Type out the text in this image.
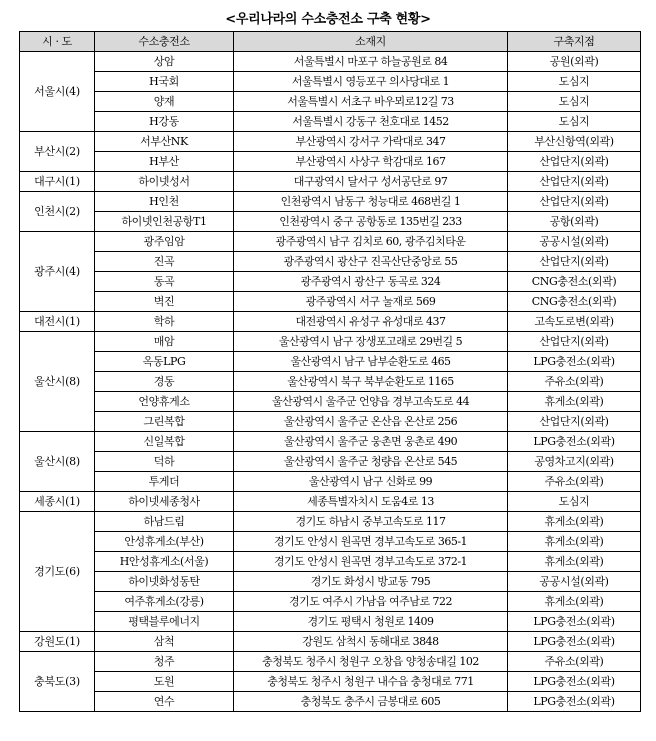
<우리나라의 수소충전소 구축 현황>
시 · 도	수소충전소	소재지	구축지점
서울시(4)	상암	서울특별시 마포구 하늘공원로 84	공원(외곽)
	H국회	서울특별시 영등포구 의사당대로 1	도심지
	양재	서울특별시 서초구 바우뫼로12길 73	도심지
	H강동	서울특별시 강동구 천호대로 1452	도심지
부산시(2)	서부산NK	부산광역시 강서구 가락대로 347	부산신항역(외곽)
	H부산	부산광역시 사상구 학감대로 167	산업단지(외곽)
대구시(1)	하이넷성서	대구광역시 달서구 성서공단로 97	산업단지(외곽)
인천시(2)	H인천	인천광역시 남동구 청능대로 468번길 1	산업단지(외곽)
	하이넷인천공항T1	인천광역시 중구 공항동로 135번길 233	공항(외곽)
광주시(4)	광주임암	광주광역시 남구 김치로 60, 광주김치타운	공공시설(외곽)
	진곡	광주광역시 광산구 진곡산단중앙로 55	산업단지(외곽)
	동곡	광주광역시 광산구 동곡로 324	CNG충전소(외곽)
	벽진	광주광역시 서구 눌재로 569	CNG충전소(외곽)
대전시(1)	학하	대전광역시 유성구 유성대로 437	고속도로변(외곽)
울산시(8)	매암	울산광역시 남구 장생포고래로 29번길 5	산업단지(외곽)
	옥동LPG	울산광역시 남구 남부순환도로 465	LPG충전소(외곽)
	경동	울산광역시 북구 북부순환도로 1165	주유소(외곽)
	언양휴게소	울산광역시 울주군 언양읍 경부고속도로 44	휴게소(외곽)
	그린복합	울산광역시 울주군 온산읍 온산로 256	산업단지(외곽)
울산시(8)	신일복합	울산광역시 울주군 웅촌면 웅촌로 490	LPG충전소(외곽)
	덕하	울산광역시 울주군 청량읍 온산로 545	공영차고지(외곽)
	투게더	울산광역시 남구 신화로 99	주유소(외곽)
세종시(1)	하이넷세종청사	세종특별자치시 도움4로 13	도심지
경기도(6)	하남드림	경기도 하남시 중부고속도로 117	휴게소(외곽)
	안성휴게소(부산)	경기도 안성시 원곡면 경부고속도로 365-1	휴게소(외곽)
	H안성휴게소(서울)	경기도 안성시 원곡면 경부고속도로 372-1	휴게소(외곽)
	하이넷화성동탄	경기도 화성시 방교동 795	공공시설(외곽)
	여주휴게소(강릉)	경기도 여주시 가남읍 여주남로 722	휴게소(외곽)
	평택블루에너지	경기도 평택시 청원로 1409	LPG충전소(외곽)
강원도(1)	삼척	강원도 삼척시 동해대로 3848	LPG충전소(외곽)
충북도(3)	청주	충청북도 청주시 청원구 오창읍 양청송대길 102	주유소(외곽)
	도원	충청북도 청주시 청원구 내수읍 충청대로 771	LPG충전소(외곽)
	연수	충청북도 충주시 금봉대로 605	LPG충전소(외곽)
